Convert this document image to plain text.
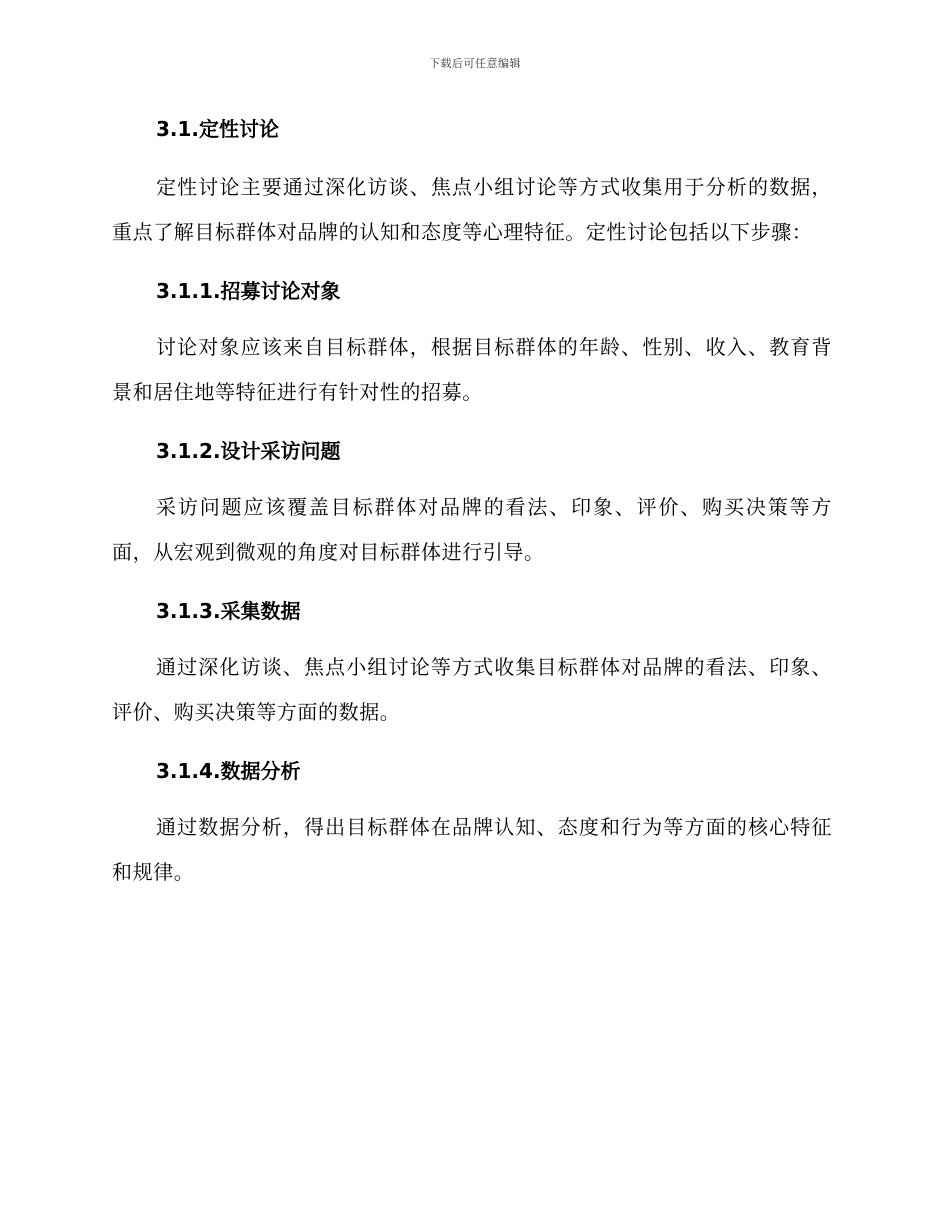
下载后可任意编辑
3.1.定性讨论

定性讨论主要通过深化访谈、焦点小组讨论等方式收集用于分析的数据，重点了解目标群体对品牌的认知和态度等心理特征。定性讨论包括以下步骤：

3.1.1.招募讨论对象

讨论对象应该来自目标群体，根据目标群体的年龄、性别、收入、教育背景和居住地等特征进行有针对性的招募。

3.1.2.设计采访问题

采访问题应该覆盖目标群体对品牌的看法、印象、评价、购买决策等方面，从宏观到微观的角度对目标群体进行引导。

3.1.3.采集数据

通过深化访谈、焦点小组讨论等方式收集目标群体对品牌的看法、印象、评价、购买决策等方面的数据。

3.1.4.数据分析

通过数据分析，得出目标群体在品牌认知、态度和行为等方面的核心特征和规律。
